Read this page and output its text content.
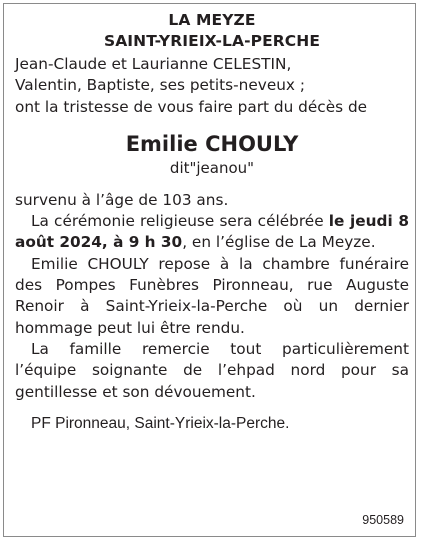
LA MEYZE
SAINT-YRIEIX-LA-PERCHE
Jean-Claude et Laurianne CELESTIN,
Valentin, Baptiste, ses petits-neveux ;
ont la tristesse de vous faire part du décès de
Emilie CHOULY
dit"jeanou"
survenu à l’âge de 103 ans.

La cérémonie religieuse sera célébrée le jeudi 8 août 2024, à 9 h 30, en l’église de La Meyze.

Emilie CHOULY repose à la chambre funéraire des Pompes Funèbres Pironneau, rue Auguste Renoir à Saint-Yrieix-la-Perche où un dernier hommage peut lui être rendu.

La famille remercie tout particulièrement l’équipe soignante de l’ehpad nord pour sa gentillesse et son dévouement.

PF Pironneau, Saint-Yrieix-la-Perche.
950589
